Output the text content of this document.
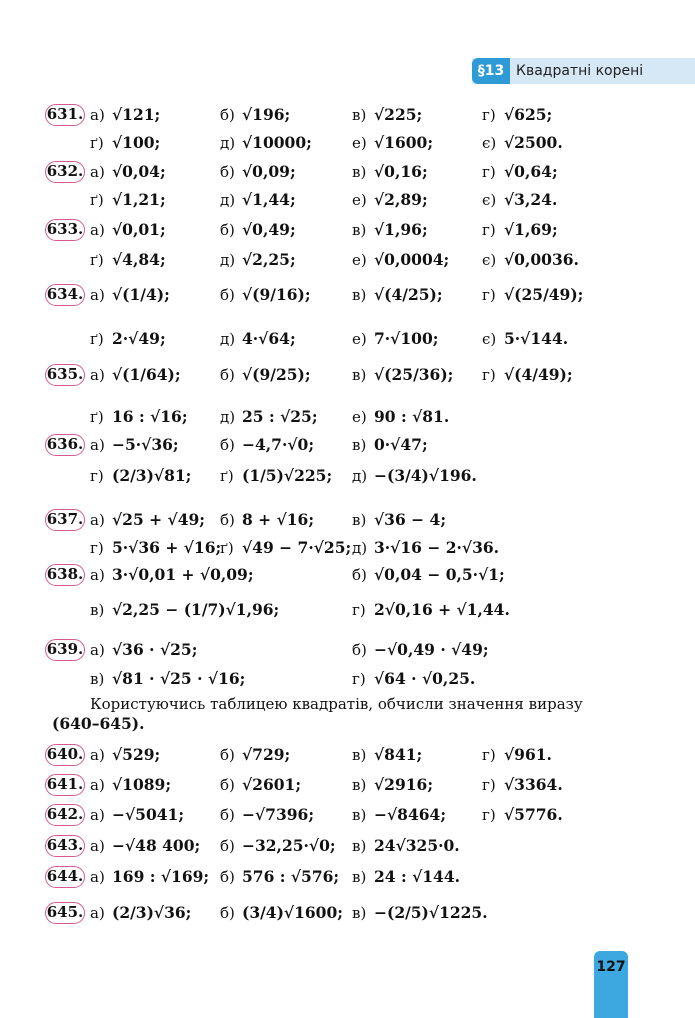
§13 Квадратні корені
631. а) √121;	б) √196;	в) √225;	г) √625;
ґ) √100;	д) √10000;	е) √1600;	є) √2500.
632. а) √0,04;	б) √0,09;	в) √0,16;	г) √0,64;
ґ) √1,21;	д) √1,44;	е) √2,89;	є) √3,24.
633. а) √0,01;	б) √0,49;	в) √1,96;	г) √1,69;
ґ) √4,84;	д) √2,25;	е) √0,0004; є) √0,0036.
634. а) √(1/4);	б) √(9/16);	в) √(4/25);	г) √(25/49);
ґ) 2·√49;	д) 4·√64;	е) 7·√100;	є) 5·√144.
635. а) √(1/64);	б) √(9/25);	в) √(25/36); г) √(4/49);
ґ) 16 : √16; д) 25 : √25; е) 90 : √81.
636. а) −5·√36;	б) −4,7·√0;	в) 0·√47;
г) (2/3)√81; ґ) (1/5)√225; д) −(3/4)√196.
637. а) √25 + √49; б) 8 + √16;	в) √36 − 4;
г) 5·√36 + √16;
ґ) √49 − 7·√25; д) 3·√16 − 2·√36.
638. а) 3·√0,01 + √0,09;	б) √0,04 − 0,5·√1;
в) √2,25 − (1/7)√1,96;	г) 2√0,16 + √1,44.
639. а) √36 · √25;	б) −√0,49 · √49;
в) √81 · √25 · √16;	г) √64 · √0,25.
640. а) √529;	б) √729;	в) √841;	г) √961.
641. а) √1089;	б) √2601;	в) √2916;	г) √3364.
642. а) −√5041; б) −√7396;	в) −√8464; г) √5776.
643. а) −√48 400; б) −32,25·√0; в) 24√325·0.
644. а) 169 : √169; б) 576 : √576; в) 24 : √144.
645. а) (2/3)√36; б) (3/4)√1600; в) −(2/5)√1225.
Користуючись таблицею квадратів, обчисли значення виразу
(640–645).
127
